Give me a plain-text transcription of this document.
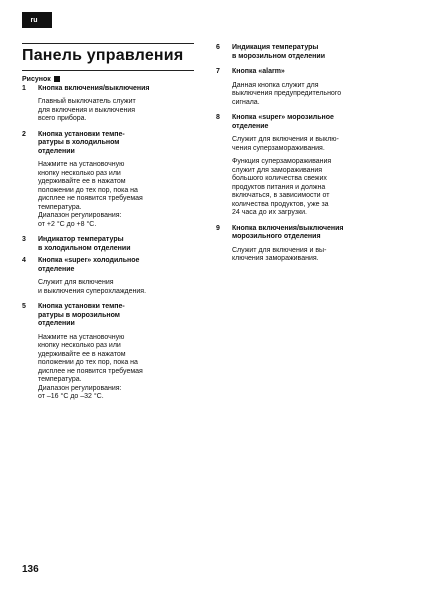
ru
Панель управления

Рисунок

1	Кнопка включения/выключения

Главный выключатель служит

для включения и выключения

всего прибора.

2	Кнопка установки темпе-

ратуры в холодильном

отделении

Нажмите на установочную

кнопку несколько раз или

удерживайте ее в нажатом

положении до тех пор, пока на

дисплее не появится требуемая

температура.

Диапазон регулирования:

от +2 °C до +8 °C.

3	Индикатор температуры

в холодильном отделении

4	Кнопка «super» холодильное

отделение

Служит для включения

и выключения суперохлаждения.

5	Кнопка установки темпе-

ратуры в морозильном

отделении

Нажмите на установочную

кнопку несколько раз или

удерживайте ее в нажатом

положении до тех пор, пока на

дисплее не появится требуемая

температура.

Диапазон регулирования:

от –16 °C до –32 °C.

6	Индикация температуры

в морозильном отделении

7	Кнопка «alarm»

Данная кнопка служит для

выключения предупредительного

сигнала.

8	Кнопка «super» морозильное

отделение

Служит для включения и выклю-

чения суперзамораживания.

Функция суперзамораживания

служит для замораживания

большого количества свежих

продуктов питания и должна

включаться, в зависимости от

количества продуктов, уже за

24 часа до их загрузки.

9	Кнопка включения/выключения

морозильного отделения

Служит для включения и вы-

ключения замораживания.

136
